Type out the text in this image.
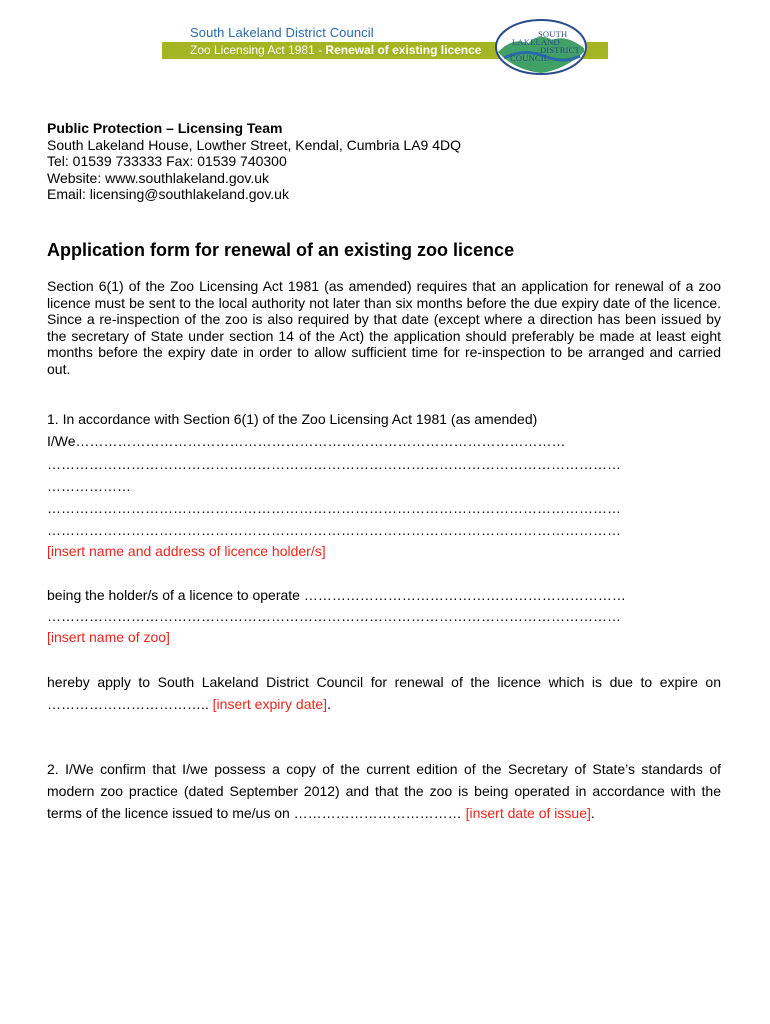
South Lakeland District Council
Zoo Licensing Act 1981 - Renewal of existing licence
SOUTH
LAKELAND
DISTRICT
COUNCIL
Public Protection – Licensing Team
South Lakeland House, Lowther Street, Kendal, Cumbria LA9 4DQ
Tel: 01539 733333 Fax: 01539 740300
Website: www.southlakeland.gov.uk
Email: licensing@southlakeland.gov.uk
Application form for renewal of an existing zoo licence

Section 6(1) of the Zoo Licensing Act 1981 (as amended) requires that an application for renewal of a zoo licence must be sent to the local authority not later than six months before the due expiry date of the licence. Since a re-inspection of the zoo is also required by that date (except where a direction has been issued by the secretary of State under section 14 of the Act) the application should preferably be made at least eight months before the expiry date in order to allow sufficient time for re-inspection to be arranged and carried out.

1. In accordance with Section 6(1) of the Zoo Licensing Act 1981 (as amended)
I/We……………………………………………………………………………………………
……………………………………………………………………………………………………………
………………
……………………………………………………………………………………………………………
……………………………………………………………………………………………………………
[insert name and address of licence holder/s]
being the holder/s of a licence to operate ……………………………………………………………
……………………………………………………………………………………………………………
[insert name of zoo]

hereby apply to South Lakeland District Council for renewal of the licence which is due to expire on …………………………….. [insert expiry date].

2. I/We confirm that I/we possess a copy of the current edition of the Secretary of State’s standards of modern zoo practice (dated September 2012) and that the zoo is being operated in accordance with the terms of the licence issued to me/us on ……………………………… [insert date of issue].
